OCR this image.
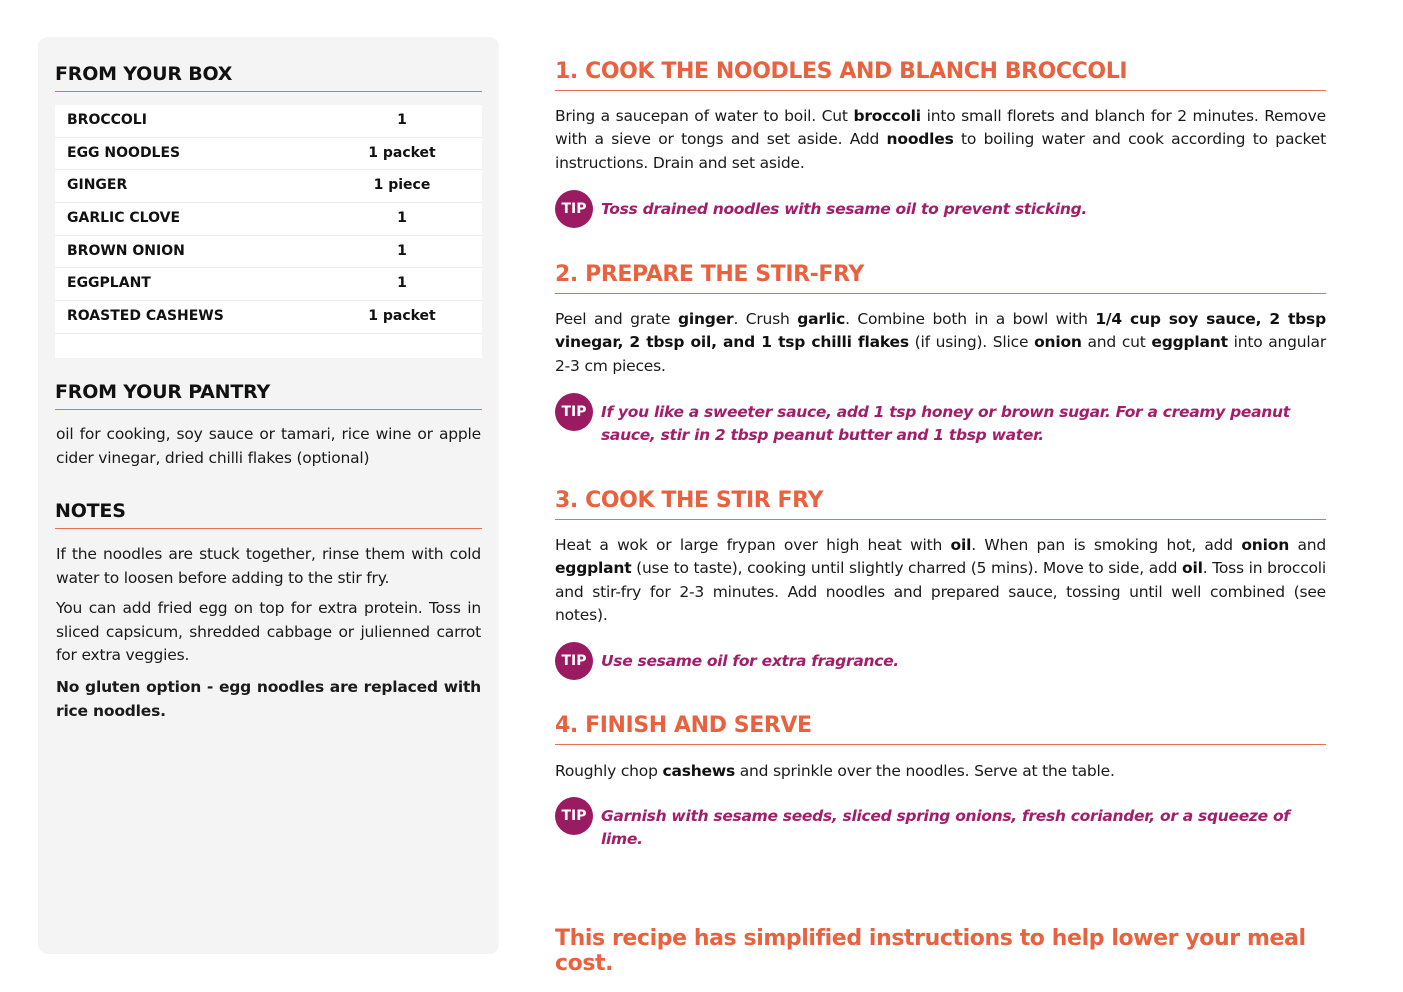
FROM YOUR BOX
BROCCOLI	1
EGG NOODLES	1 packet
GINGER	1 piece
GARLIC CLOVE	1
BROWN ONION	1
EGGPLANT	1
ROASTED CASHEWS	1 packet
FROM YOUR PANTRY

oil for cooking, soy sauce or tamari, rice wine or apple cider vinegar, dried chilli flakes (optional)

NOTES

If the noodles are stuck together, rinse them with cold water to loosen before adding to the stir fry.

You can add fried egg on top for extra protein. Toss in sliced capsicum, shredded cabbage or julienned carrot for extra veggies.

No gluten option - egg noodles are replaced with rice noodles.

1. COOK THE NOODLES AND BLANCH BROCCOLI

Bring a saucepan of water to boil. Cut broccoli into small florets and blanch for 2 minutes. Remove with a sieve or tongs and set aside. Add noodles to boiling water and cook according to packet instructions. Drain and set aside.

TIP Toss drained noodles with sesame oil to prevent sticking.
2. PREPARE THE STIR-FRY

Peel and grate ginger. Crush garlic. Combine both in a bowl with 1/4 cup soy sauce, 2 tbsp vinegar, 2 tbsp oil, and 1 tsp chilli flakes (if using). Slice onion and cut eggplant into angular 2-3 cm pieces.

TIP If you like a sweeter sauce, add 1 tsp honey or brown sugar. For a creamy peanut sauce, stir in 2 tbsp peanut butter and 1 tbsp water.
3. COOK THE STIR FRY

Heat a wok or large frypan over high heat with oil. When pan is smoking hot, add onion and eggplant (use to taste), cooking until slightly charred (5 mins). Move to side, add oil. Toss in broccoli and stir-fry for 2-3 minutes. Add noodles and prepared sauce, tossing until well combined (see notes).

TIP Use sesame oil for extra fragrance.
4. FINISH AND SERVE

Roughly chop cashews and sprinkle over the noodles. Serve at the table.

TIP Garnish with sesame seeds, sliced spring onions, fresh coriander, or a squeeze of lime.
This recipe has simplified instructions to help lower your meal cost.
